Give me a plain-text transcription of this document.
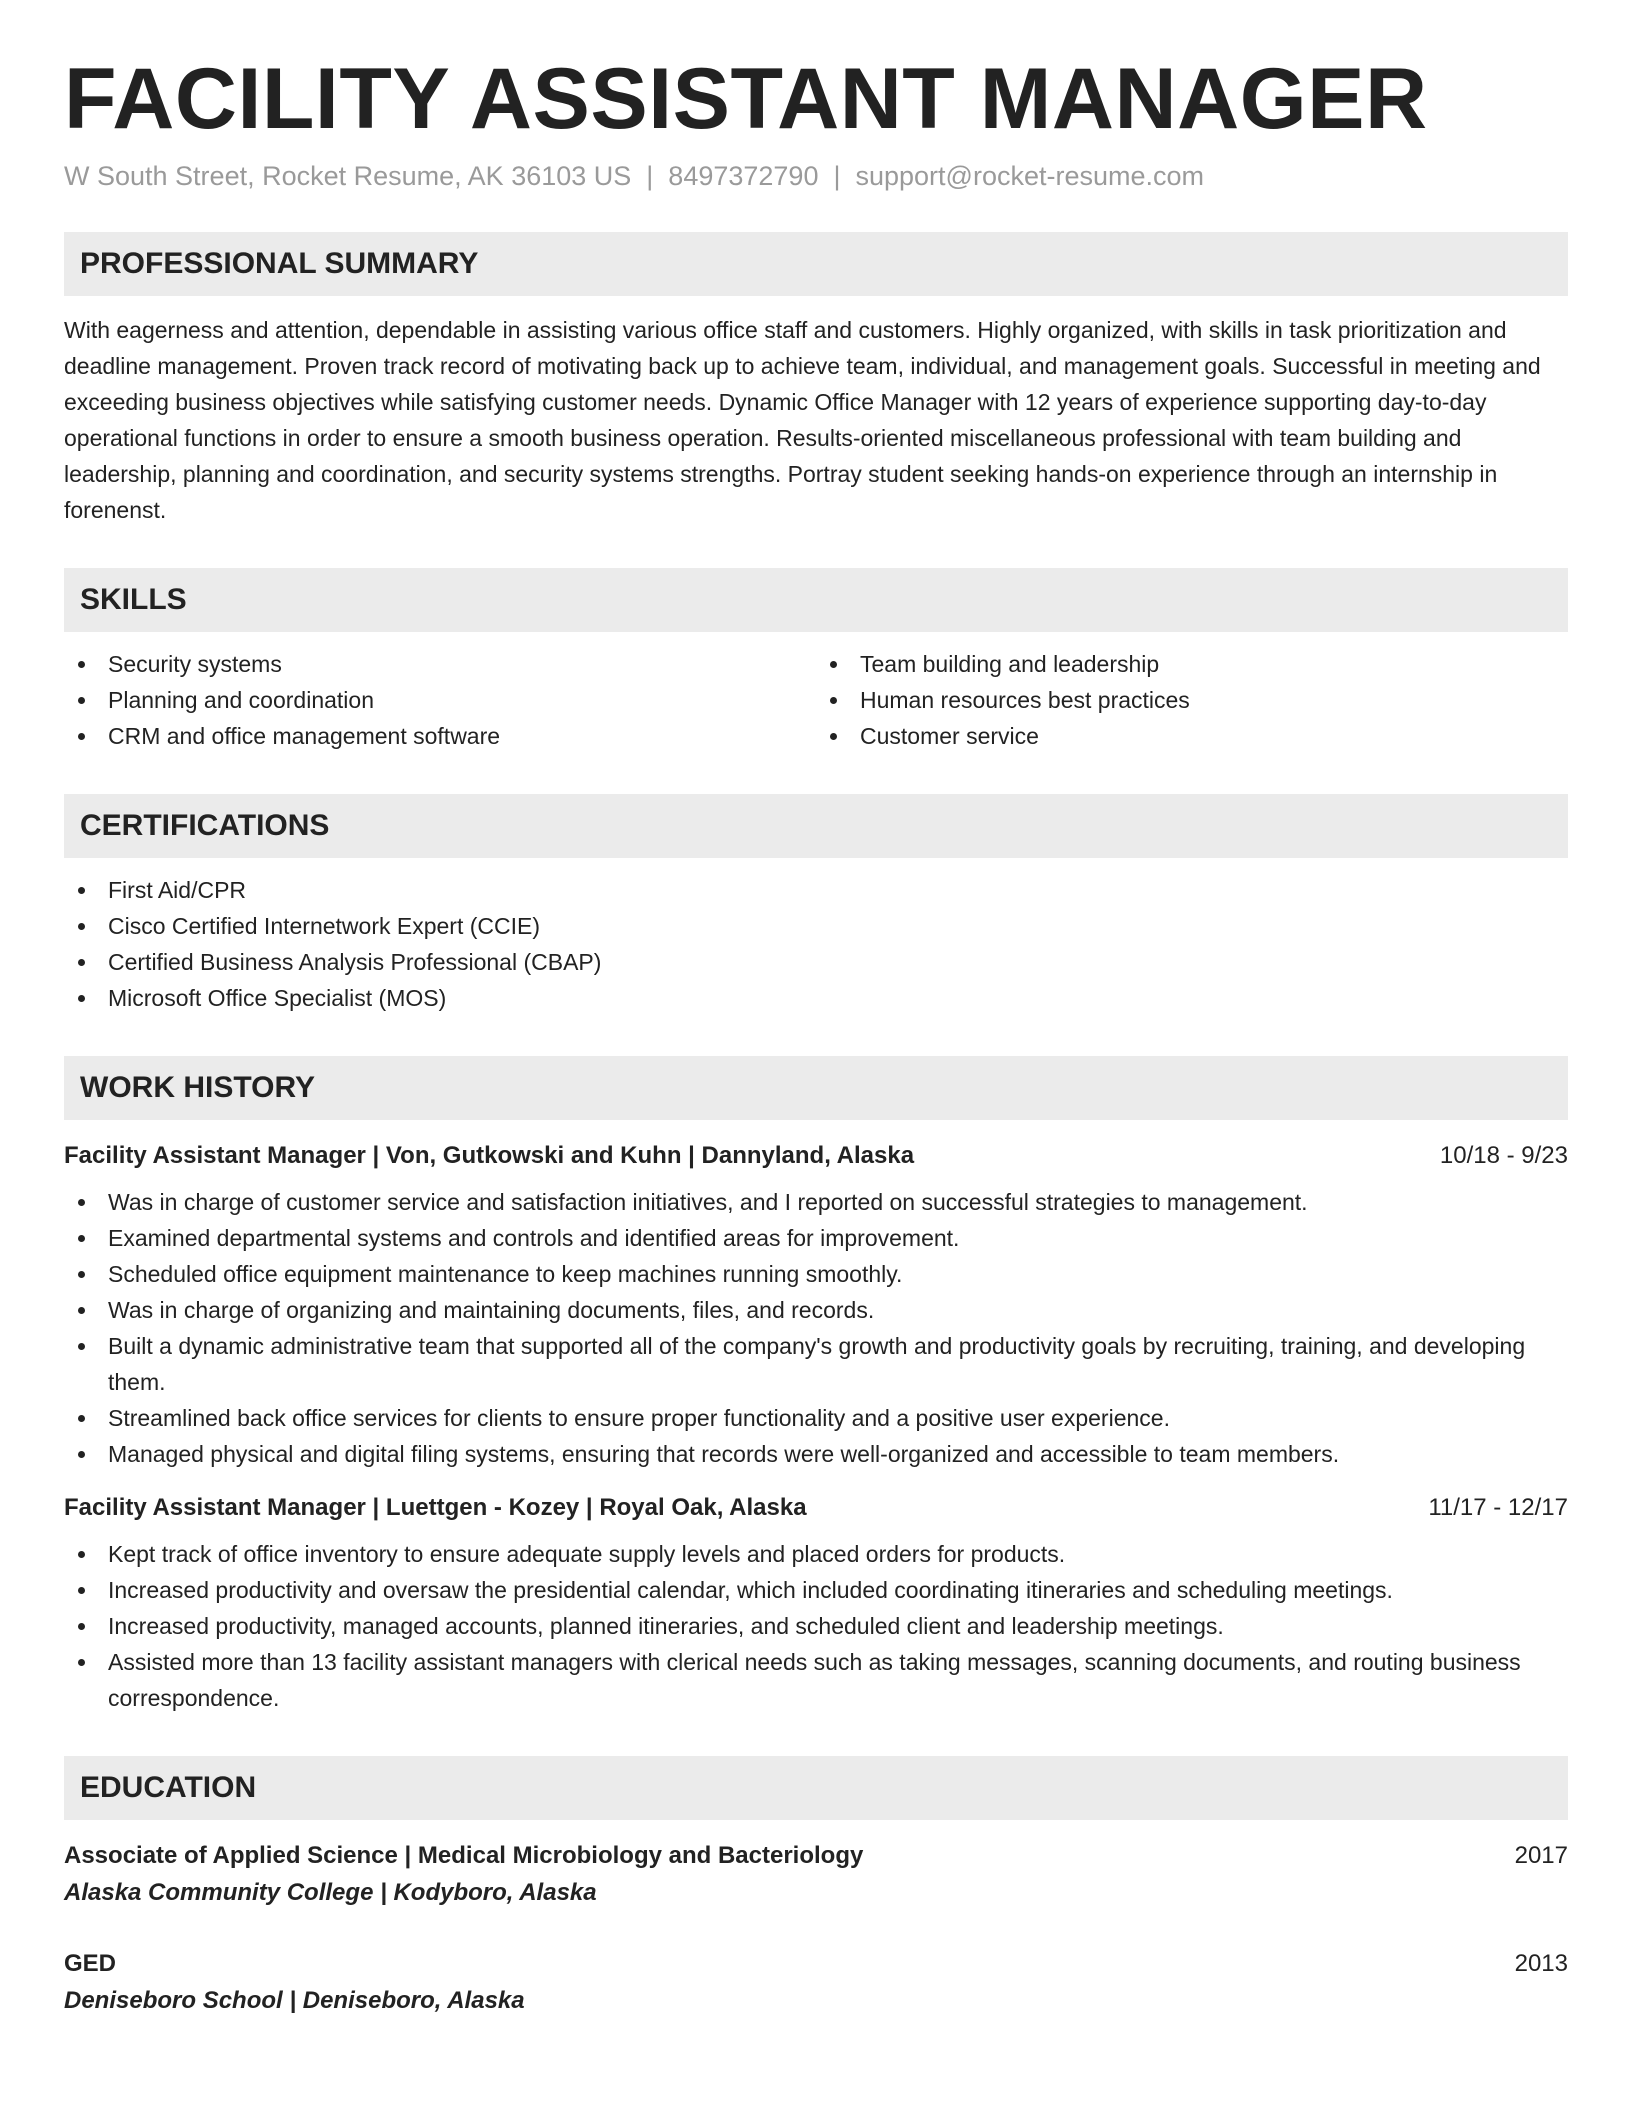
FACILITY ASSISTANT MANAGER
W South Street, Rocket Resume, AK 36103 US | 8497372790 | support@rocket-resume.com
PROFESSIONAL SUMMARY
With eagerness and attention, dependable in assisting various office staff and customers. Highly organized, with skills in task prioritization and deadline management. Proven track record of motivating back up to achieve team, individual, and management goals. Successful in meeting and exceeding business objectives while satisfying customer needs. Dynamic Office Manager with 12 years of experience supporting day-to-day operational functions in order to ensure a smooth business operation. Results-oriented miscellaneous professional with team building and leadership, planning and coordination, and security systems strengths. Portray student seeking hands-on experience through an internship in forenenst.
SKILLS
Security systems
Planning and coordination
CRM and office management software
Team building and leadership
Human resources best practices
Customer service
CERTIFICATIONS
First Aid/CPR
Cisco Certified Internetwork Expert (CCIE)
Certified Business Analysis Professional (CBAP)
Microsoft Office Specialist (MOS)
WORK HISTORY
Facility Assistant Manager | Von, Gutkowski and Kuhn | Dannyland, Alaska	10/18 - 9/23
Was in charge of customer service and satisfaction initiatives, and I reported on successful strategies to management.
Examined departmental systems and controls and identified areas for improvement.
Scheduled office equipment maintenance to keep machines running smoothly.
Was in charge of organizing and maintaining documents, files, and records.
Built a dynamic administrative team that supported all of the company's growth and productivity goals by recruiting, training, and developing them.
Streamlined back office services for clients to ensure proper functionality and a positive user experience.
Managed physical and digital filing systems, ensuring that records were well-organized and accessible to team members.
Facility Assistant Manager | Luettgen - Kozey | Royal Oak, Alaska	11/17 - 12/17
Kept track of office inventory to ensure adequate supply levels and placed orders for products.
Increased productivity and oversaw the presidential calendar, which included coordinating itineraries and scheduling meetings.
Increased productivity, managed accounts, planned itineraries, and scheduled client and leadership meetings.
Assisted more than 13 facility assistant managers with clerical needs such as taking messages, scanning documents, and routing business correspondence.
EDUCATION
Associate of Applied Science | Medical Microbiology and Bacteriology	2017
Alaska Community College | Kodyboro, Alaska
GED	2013
Deniseboro School | Deniseboro, Alaska
